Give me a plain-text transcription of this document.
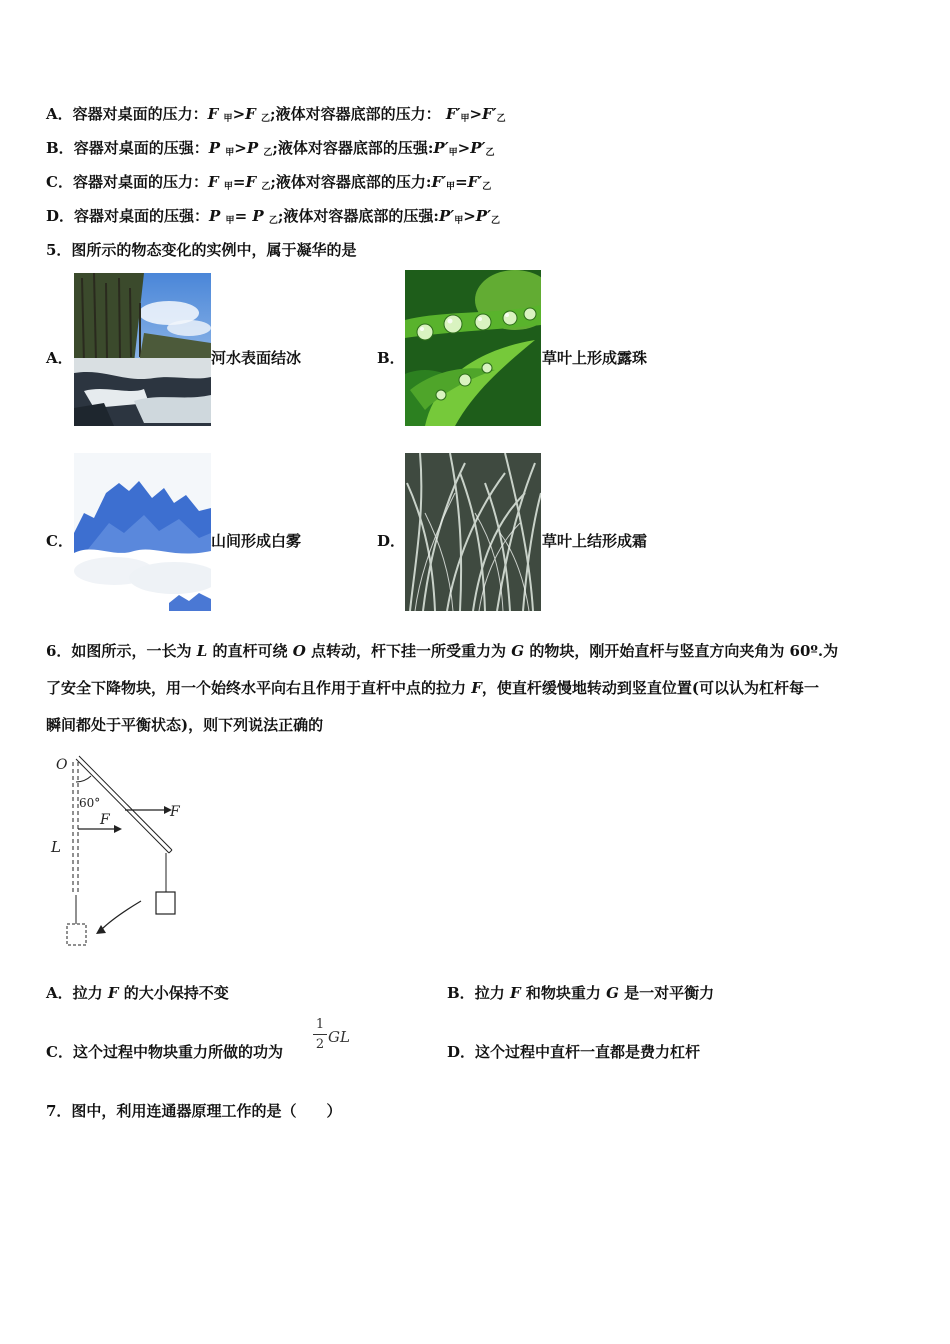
A．容器对桌面的压力：F $_甲$>F $_乙$;液体对容器底部的压力： $F'_甲>F'_乙$
B．容器对桌面的压强：P $_甲$>P $_乙$;液体对容器底部的压强$:P'_甲>P'_乙$
C．容器对桌面的压力：F $_甲$=F $_乙$;液体对容器底部的压力$:F'_甲=F'_乙$
D．容器对桌面的压强：P $_甲$= P $_乙$;液体对容器底部的压强$:P'_甲>P'_乙$
5．图所示的物态变化的实例中，属于凝华的是
A．	河水表面结冰	B．	草叶上形成露珠
C．	山间形成白雾	D．	草叶上结形成霜
6．如图所示，一长为 L 的直杆可绕 O 点转动，杆下挂一所受重力为 G 的物块，刚开始直杆与竖直方向夹角为 60º.为
了安全下降物块，用一个始终水平向右且作用于直杆中点的拉力 F，使直杆缓慢地转动到竖直位置(可以认为杠杆每一
瞬间都处于平衡状态)，则下列说法正确的
O
60°
F
F
L
A．拉力 F 的大小保持不变	B．拉力 F 和物块重力 G 是一对平衡力
C．这个过程中物块重力所做的功为
1
2 GL
D．这个过程中直杆一直都是费力杠杆
7．图中，利用连通器原理工作的是（　　）
